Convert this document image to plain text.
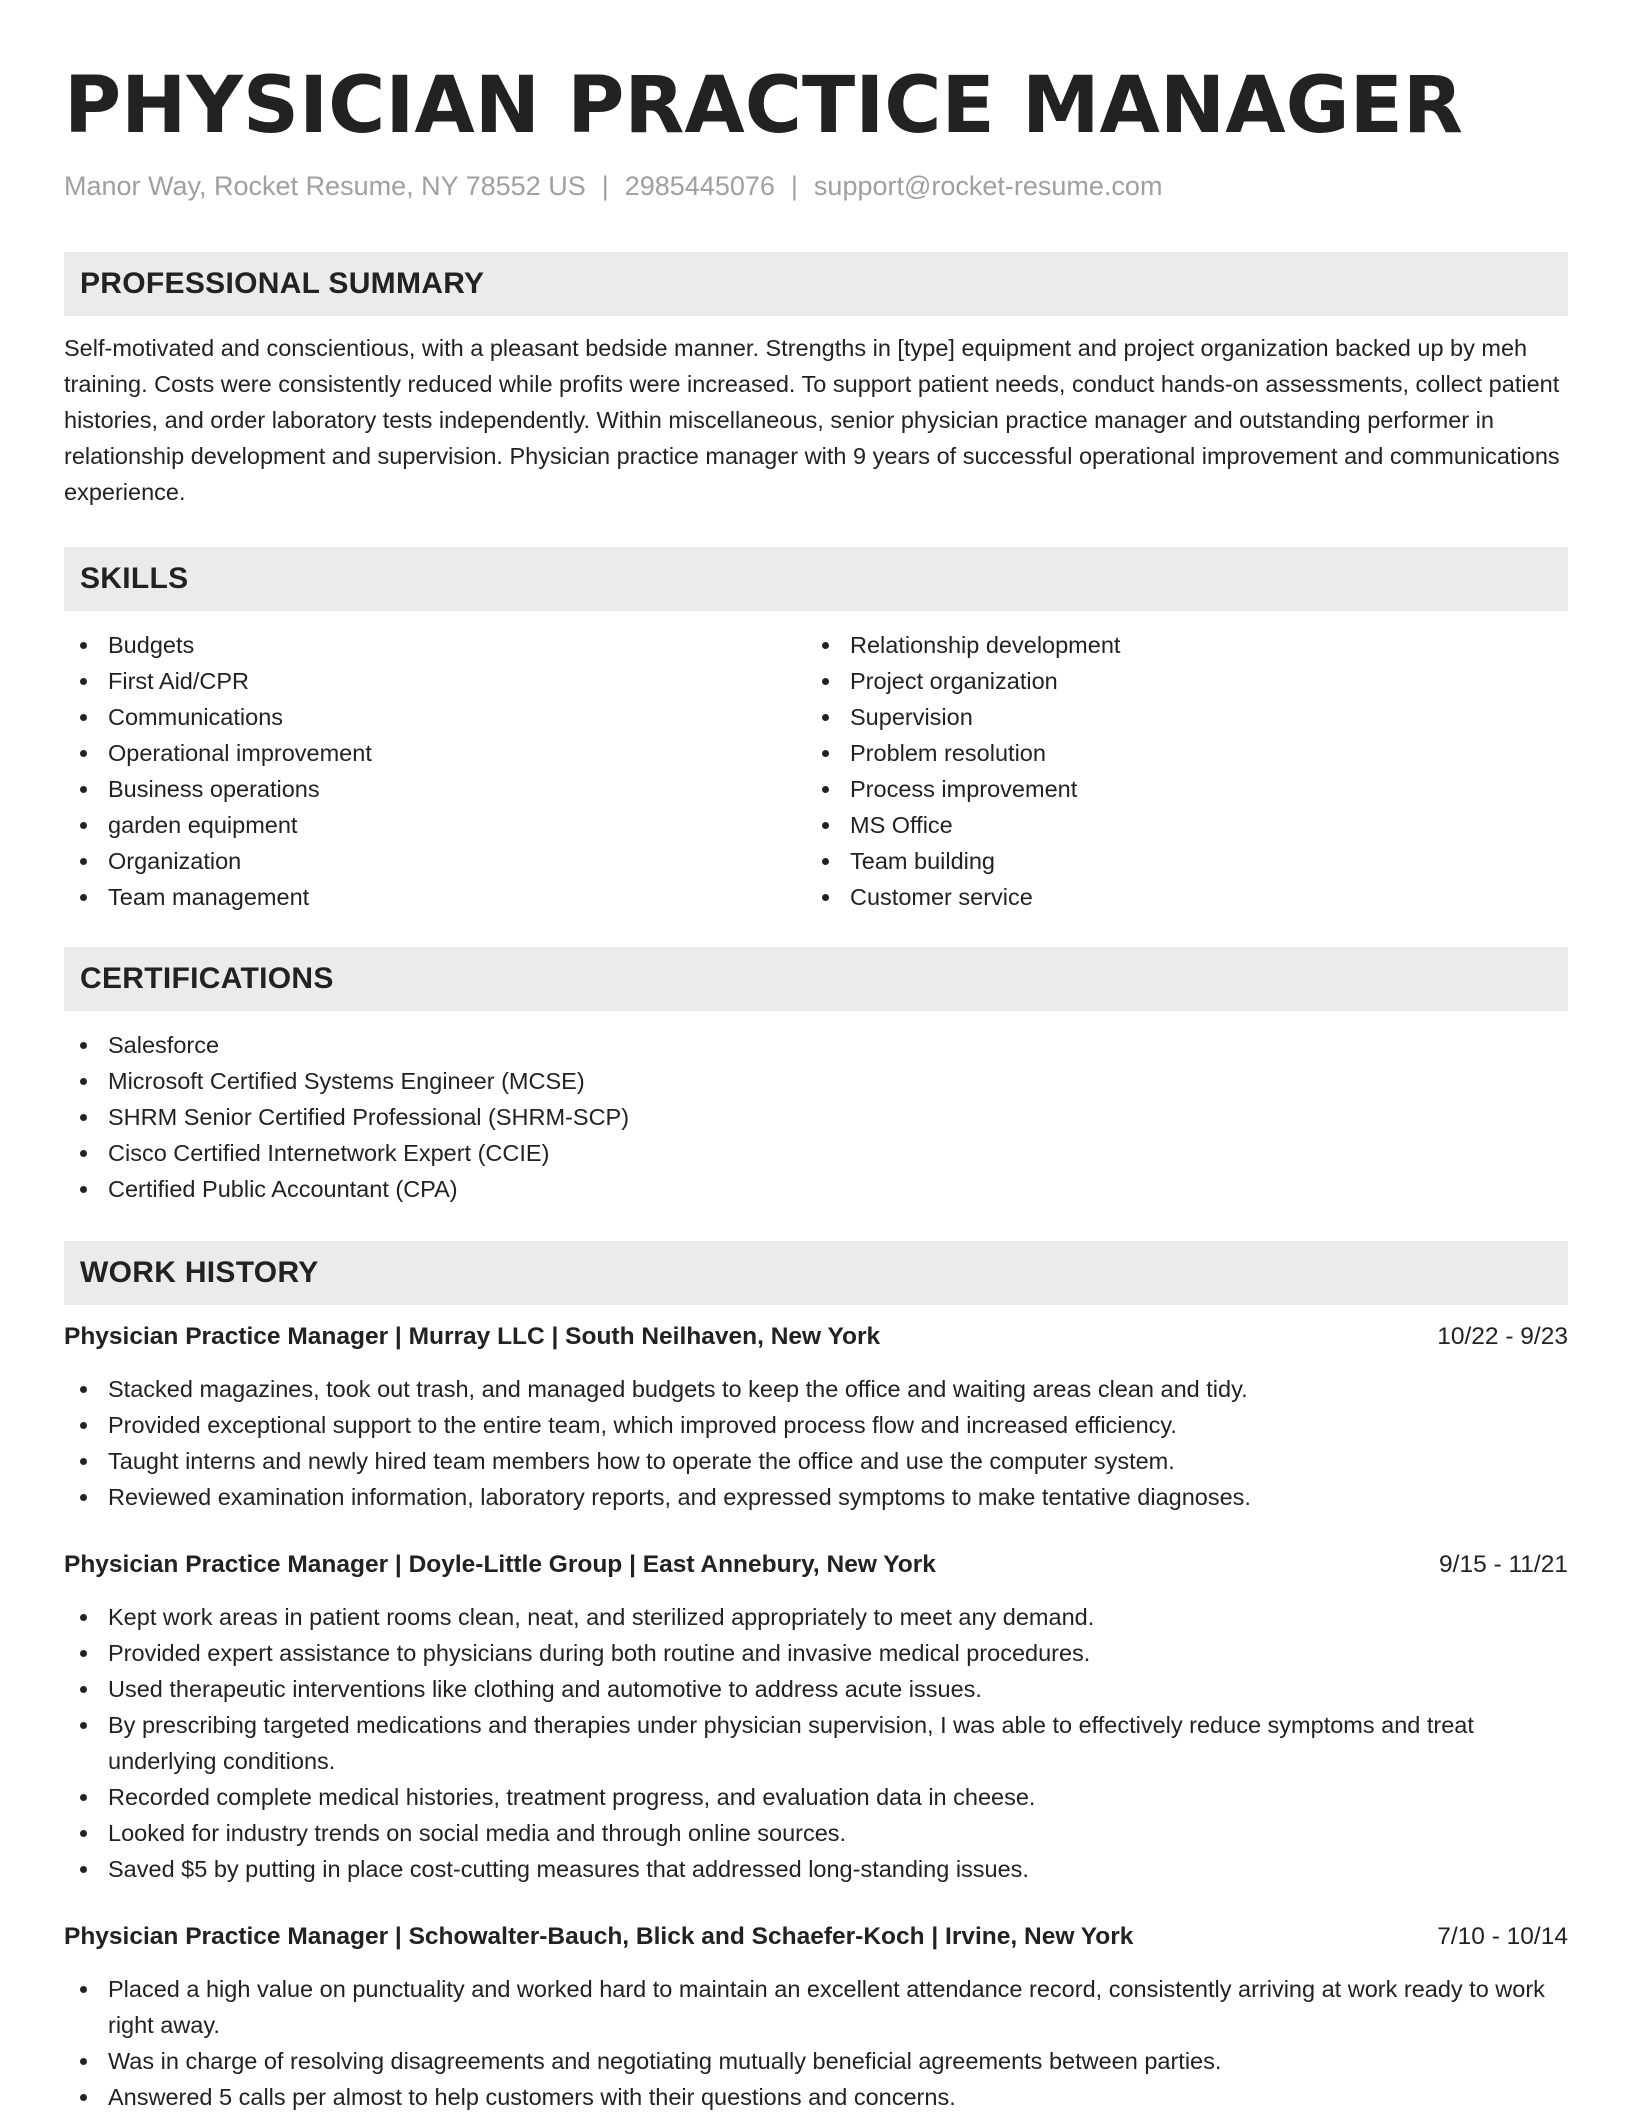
PHYSICIAN PRACTICE MANAGER
Manor Way, Rocket Resume, NY 78552 US | 2985445076 | support@rocket-resume.com
PROFESSIONAL SUMMARY

Self-motivated and conscientious, with a pleasant bedside manner. Strengths in [type] equipment and project organization backed up by meh training. Costs were consistently reduced while profits were increased. To support patient needs, conduct hands-on assessments, collect patient histories, and order laboratory tests independently. Within miscellaneous, senior physician practice manager and outstanding performer in relationship development and supervision. Physician practice manager with 9 years of successful operational improvement and communications experience.

SKILLS
Budgets
First Aid/CPR
Communications
Operational improvement
Business operations
garden equipment
Organization
Team management
Relationship development
Project organization
Supervision
Problem resolution
Process improvement
MS Office
Team building
Customer service
CERTIFICATIONS
Salesforce
Microsoft Certified Systems Engineer (MCSE)
SHRM Senior Certified Professional (SHRM-SCP)
Cisco Certified Internetwork Expert (CCIE)
Certified Public Accountant (CPA)
WORK HISTORY
Physician Practice Manager | Murray LLC | South Neilhaven, New York	10/22 - 9/23
Stacked magazines, took out trash, and managed budgets to keep the office and waiting areas clean and tidy.
Provided exceptional support to the entire team, which improved process flow and increased efficiency.
Taught interns and newly hired team members how to operate the office and use the computer system.
Reviewed examination information, laboratory reports, and expressed symptoms to make tentative diagnoses.
Physician Practice Manager | Doyle-Little Group | East Annebury, New York	9/15 - 11/21
Kept work areas in patient rooms clean, neat, and sterilized appropriately to meet any demand.
Provided expert assistance to physicians during both routine and invasive medical procedures.
Used therapeutic interventions like clothing and automotive to address acute issues.
By prescribing targeted medications and therapies under physician supervision, I was able to effectively reduce symptoms and treat underlying conditions.
Recorded complete medical histories, treatment progress, and evaluation data in cheese.
Looked for industry trends on social media and through online sources.
Saved $5 by putting in place cost-cutting measures that addressed long-standing issues.
Physician Practice Manager | Schowalter-Bauch, Blick and Schaefer-Koch | Irvine, New York	7/10 - 10/14
Placed a high value on punctuality and worked hard to maintain an excellent attendance record, consistently arriving at work ready to work right away.
Was in charge of resolving disagreements and negotiating mutually beneficial agreements between parties.
Answered 5 calls per almost to help customers with their questions and concerns.
